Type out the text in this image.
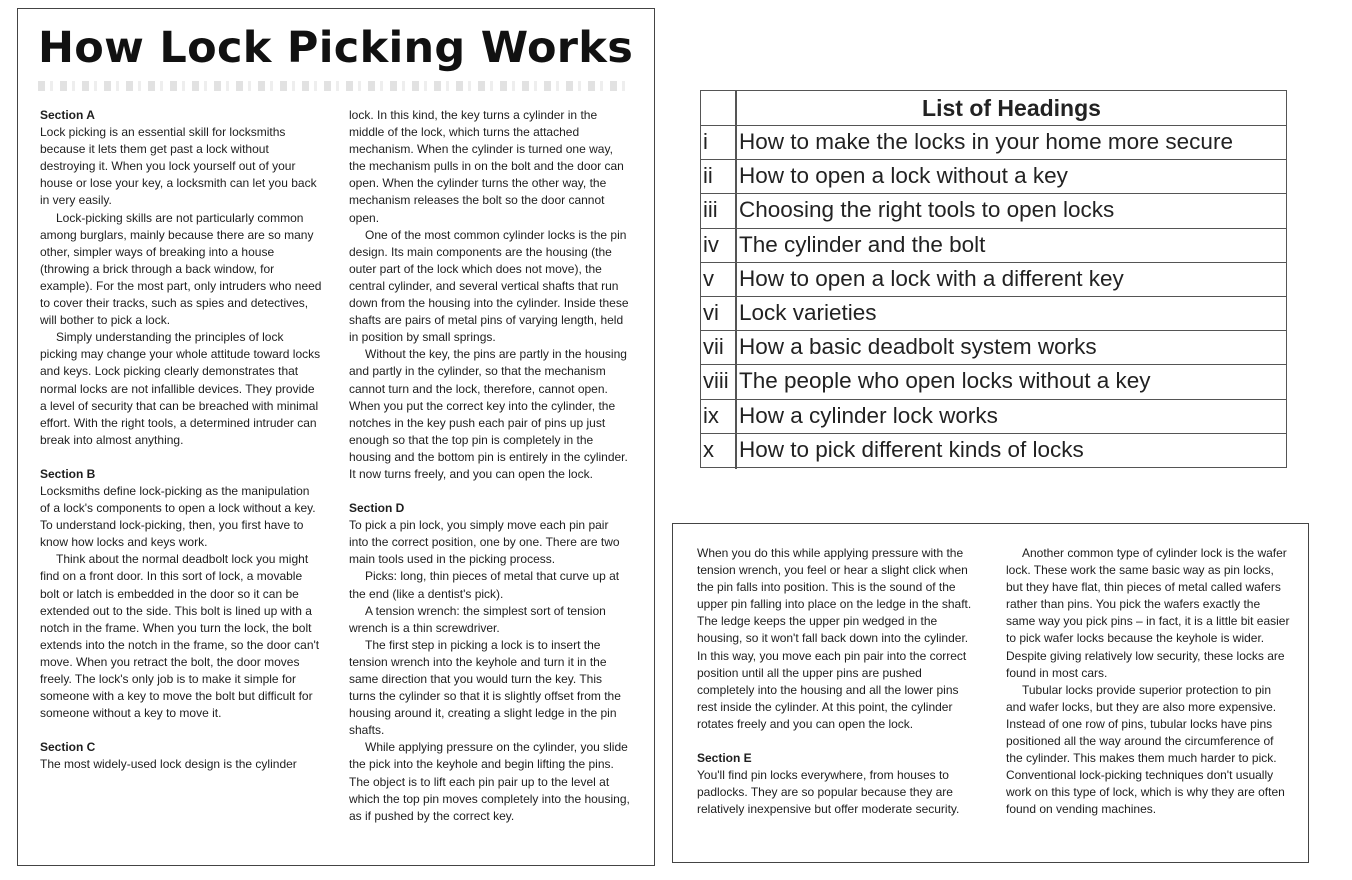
How Lock Picking Works
Section A

Lock picking is an essential skill for locksmiths because it lets them get past a lock without destroying it. When you lock yourself out of your house or lose your key, a locksmith can let you back in very easily.

Lock-picking skills are not particularly common among burglars, mainly because there are so many other, simpler ways of breaking into a house (throwing a brick through a back window, for example). For the most part, only intruders who need to cover their tracks, such as spies and detectives, will bother to pick a lock.

Simply understanding the principles of lock picking may change your whole attitude toward locks and keys. Lock picking clearly demonstrates that normal locks are not infallible devices. They provide a level of security that can be breached with minimal effort. With the right tools, a determined intruder can break into almost anything.

Section B

Locksmiths define lock-picking as the manipulation of a lock's components to open a lock without a key. To understand lock-picking, then, you first have to know how locks and keys work.

Think about the normal deadbolt lock you might find on a front door. In this sort of lock, a movable bolt or latch is embedded in the door so it can be extended out to the side. This bolt is lined up with a notch in the frame. When you turn the lock, the bolt extends into the notch in the frame, so the door can't move. When you retract the bolt, the door moves freely. The lock's only job is to make it simple for someone with a key to move the bolt but difficult for someone without a key to move it.

Section C

The most widely-used lock design is the cylinder

lock. In this kind, the key turns a cylinder in the middle of the lock, which turns the attached mechanism. When the cylinder is turned one way, the mechanism pulls in on the bolt and the door can open. When the cylinder turns the other way, the mechanism releases the bolt so the door cannot open.

One of the most common cylinder locks is the pin design. Its main components are the housing (the outer part of the lock which does not move), the central cylinder, and several vertical shafts that run down from the housing into the cylinder. Inside these shafts are pairs of metal pins of varying length, held in position by small springs.

Without the key, the pins are partly in the housing and partly in the cylinder, so that the mechanism cannot turn and the lock, therefore, cannot open. When you put the correct key into the cylinder, the notches in the key push each pair of pins up just enough so that the top pin is completely in the housing and the bottom pin is entirely in the cylinder. It now turns freely, and you can open the lock.

Section D

To pick a pin lock, you simply move each pin pair into the correct position, one by one. There are two main tools used in the picking process.

Picks: long, thin pieces of metal that curve up at the end (like a dentist's pick).

A tension wrench: the simplest sort of tension wrench is a thin screwdriver.

The first step in picking a lock is to insert the tension wrench into the keyhole and turn it in the same direction that you would turn the key. This turns the cylinder so that it is slightly offset from the housing around it, creating a slight ledge in the pin shafts.

While applying pressure on the cylinder, you slide the pick into the keyhole and begin lifting the pins. The object is to lift each pin pair up to the level at which the top pin moves completely into the housing, as if pushed by the correct key.

List of Headings
i	How to make the locks in your home more secure
ii	How to open a lock without a key
iii Choosing the right tools to open locks
iv The cylinder and the bolt
v	How to open a lock with a different key
vi Lock varieties
vii How a basic deadbolt system works
viii The people who open locks without a key
ix How a cylinder lock works
x	How to pick different kinds of locks

When you do this while applying pressure with the tension wrench, you feel or hear a slight click when the pin falls into position. This is the sound of the upper pin falling into place on the ledge in the shaft. The ledge keeps the upper pin wedged in the housing, so it won't fall back down into the cylinder. In this way, you move each pin pair into the correct position until all the upper pins are pushed completely into the housing and all the lower pins rest inside the cylinder. At this point, the cylinder rotates freely and you can open the lock.

Section E

You'll find pin locks everywhere, from houses to padlocks. They are so popular because they are relatively inexpensive but offer moderate security.

Another common type of cylinder lock is the wafer lock. These work the same basic way as pin locks, but they have flat, thin pieces of metal called wafers rather than pins. You pick the wafers exactly the same way you pick pins – in fact, it is a little bit easier to pick wafer locks because the keyhole is wider. Despite giving relatively low security, these locks are found in most cars.

Tubular locks provide superior protection to pin and wafer locks, but they are also more expensive. Instead of one row of pins, tubular locks have pins positioned all the way around the circumference of the cylinder. This makes them much harder to pick. Conventional lock-picking techniques don't usually work on this type of lock, which is why they are often found on vending machines.
